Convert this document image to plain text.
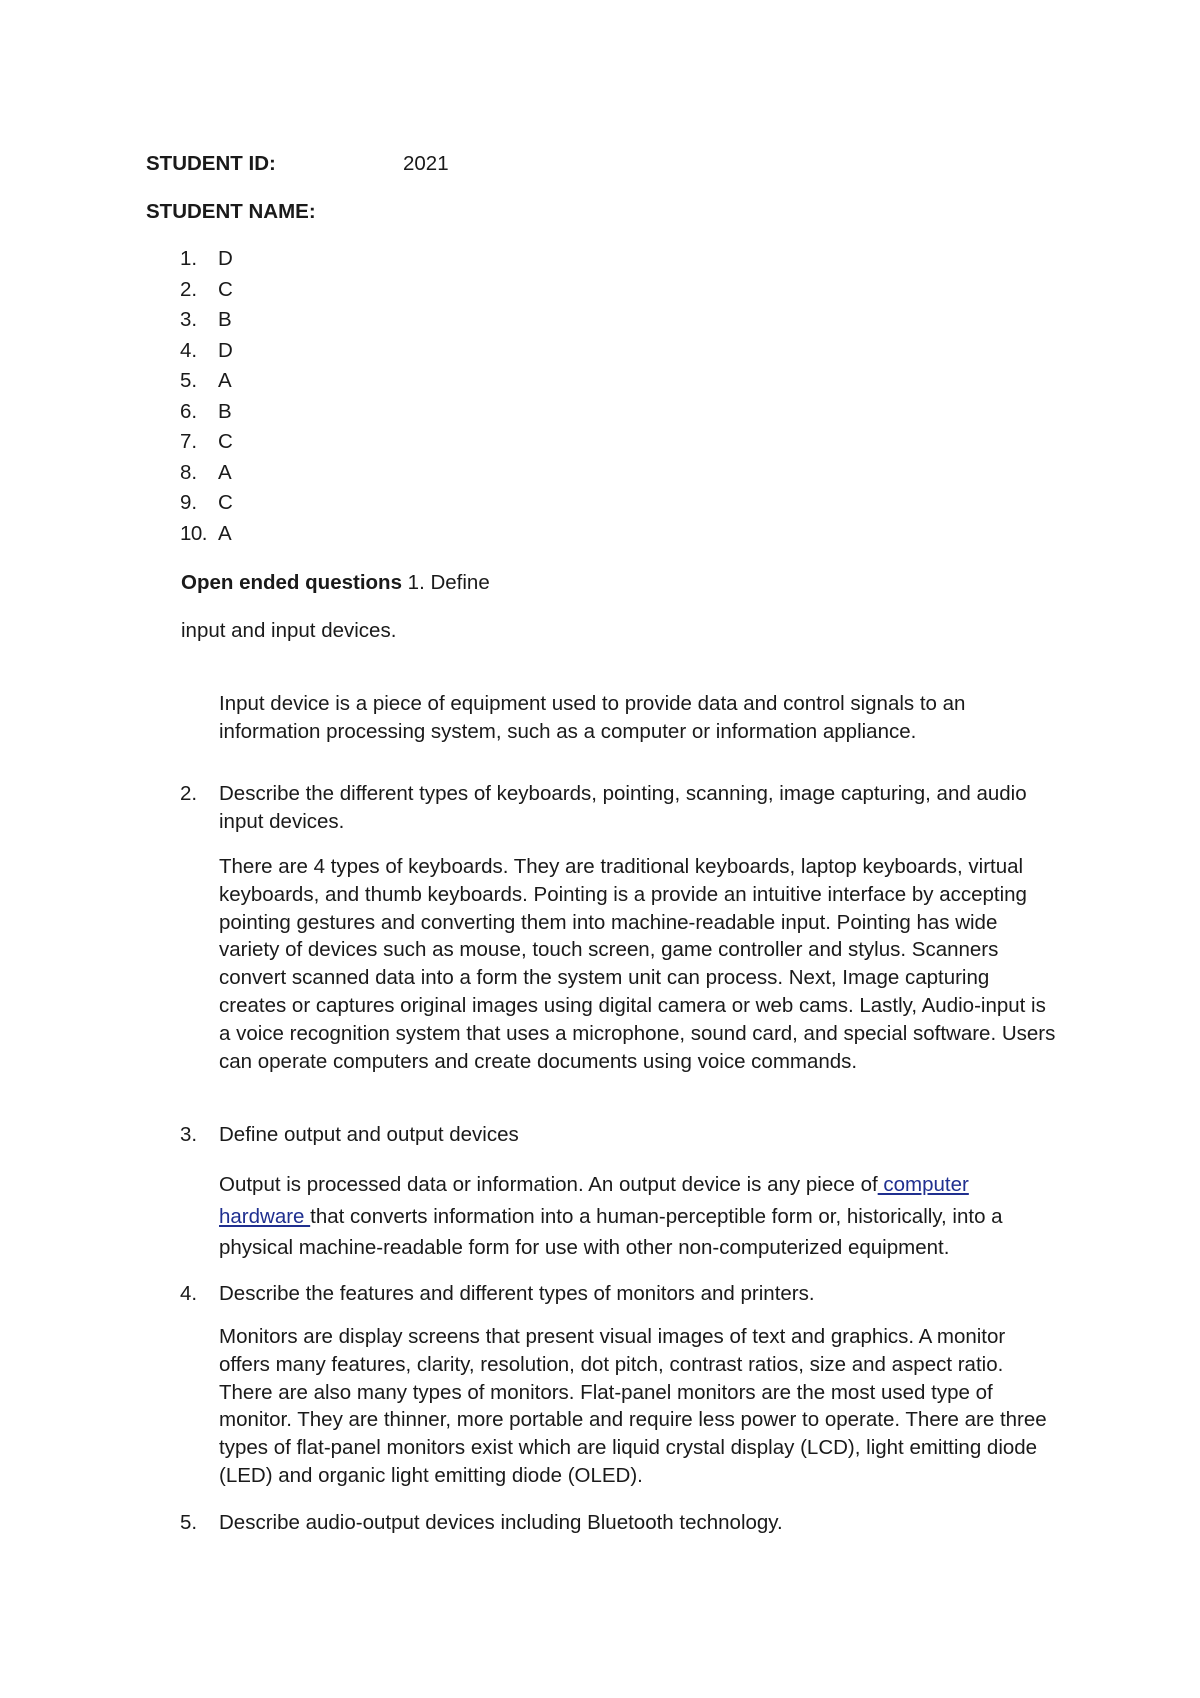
STUDENT ID:	2021
STUDENT NAME:
1.	D
2.	C
3.	B
4.	D
5.	A
6.	B
7.	C
8.	A
9.	C
10. A
Open ended questions 1. Define
input and input devices.

Input device is a piece of equipment used to provide data and control signals to an information processing system, such as a computer or information appliance.

2.	Describe the different types of keyboards, pointing, scanning, image capturing, and audio input devices.

There are 4 types of keyboards. They are traditional keyboards, laptop keyboards, virtual keyboards, and thumb keyboards. Pointing is a provide an intuitive interface by accepting pointing gestures and converting them into machine-readable input. Pointing has wide variety of devices such as mouse, touch screen, game controller and stylus. Scanners convert scanned data into a form the system unit can process. Next, Image capturing creates or captures original images using digital camera or web cams. Lastly, Audio-input is a voice recognition system that uses a microphone, sound card, and special software. Users can operate computers and create documents using voice commands.

3.	Define output and output devices

Output is processed data or information. An output device is any piece of computer hardware that converts information into a human-perceptible form or, historically, into a physical machine-readable form for use with other non-computerized equipment.

4.	Describe the features and different types of monitors and printers.

Monitors are display screens that present visual images of text and graphics. A monitor offers many features, clarity, resolution, dot pitch, contrast ratios, size and aspect ratio. There are also many types of monitors. Flat-panel monitors are the most used type of monitor. They are thinner, more portable and require less power to operate. There are three types of flat-panel monitors exist which are liquid crystal display (LCD), light emitting diode (LED) and organic light emitting diode (OLED).

5.	Describe audio-output devices including Bluetooth technology.
